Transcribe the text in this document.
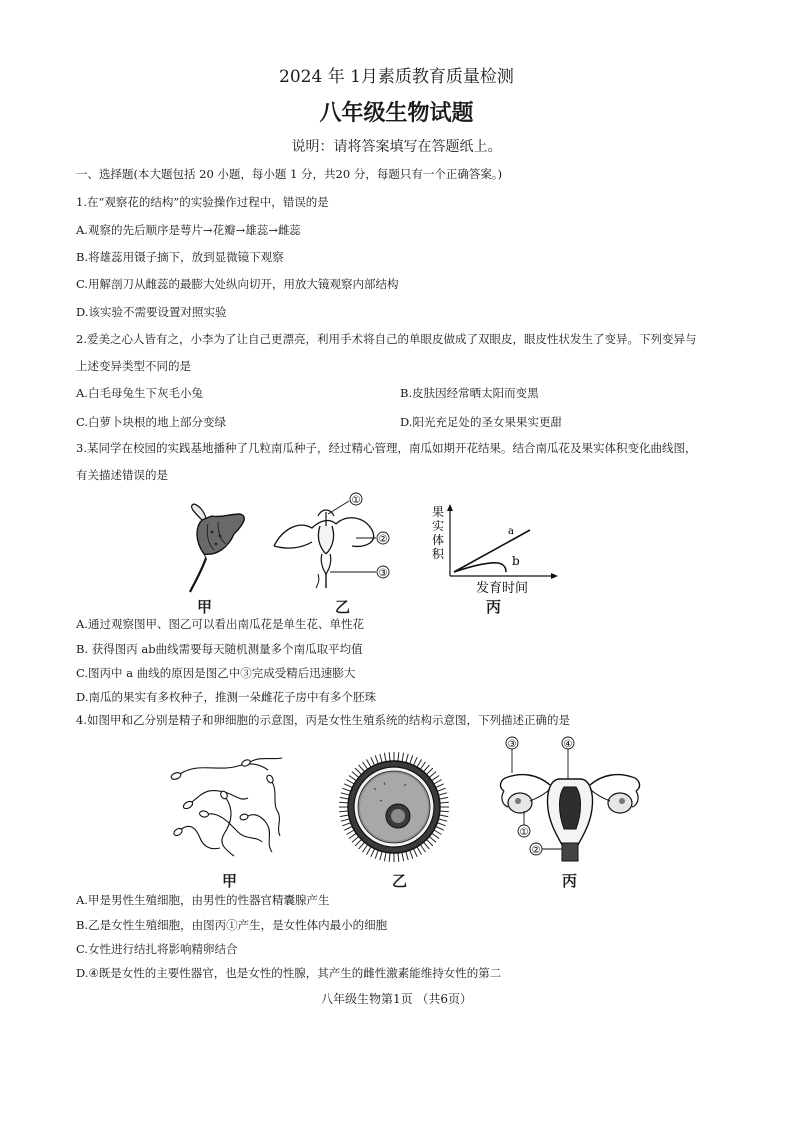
2024 年 1月素质教育质量检测
八年级生物试题
说明：请将答案填写在答题纸上。
一、选择题(本大题包括 20 小题，每小题 1 分，共20 分，每题只有一个正确答案。)
1.在“观察花的结构”的实验操作过程中，错误的是
A.观察的先后顺序是萼片→花瓣→雄蕊→雌蕊
B.将雄蕊用镊子摘下，放到显微镜下观察
C.用解剖刀从雌蕊的最膨大处纵向切开，用放大镜观察内部结构
D.该实验不需要设置对照实验
2.爱美之心人皆有之，小李为了让自己更漂亮，利用手术将自己的单眼皮做成了双眼皮，眼皮性状发生了变异。下列变异与
上述变异类型不同的是
A.白毛母兔生下灰毛小兔	B.皮肤因经常晒太阳而变黑
C.白萝卜块根的地上部分变绿	D.阳光充足处的圣女果果实更甜
3.某同学在校园的实践基地播种了几粒南瓜种子，经过精心管理，南瓜如期开花结果。结合南瓜花及果实体积变化曲线图，
有关描述错误的是
甲
①
②
③
乙
果
实
体
积
a
b
发育时间
丙
A.通过观察图甲、图乙可以看出南瓜花是单生花、单性花
B. 获得图丙 ab曲线需要每天随机测量多个南瓜取平均值
C.图丙中 a 曲线的原因是图乙中③完成受精后迅速膨大
D.南瓜的果实有多枚种子，推测一朵雌花子房中有多个胚珠
4.如图甲和乙分别是精子和卵细胞的示意图，丙是女性生殖系统的结构示意图，下列描述正确的是
甲	乙
③	④
①
②
丙
A.甲是男性生殖细胞，由男性的性器官精囊腺产生
B.乙是女性生殖细胞，由图丙①产生，是女性体内最小的细胞
C.女性进行结扎将影响精卵结合
D.④既是女性的主要性器官，也是女性的性腺，其产生的雌性激素能维持女性的第二
八年级生物第1页 （共6页）
